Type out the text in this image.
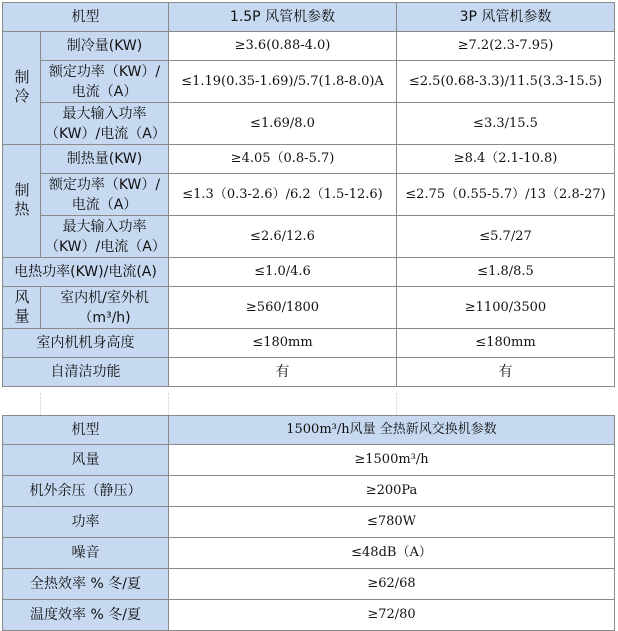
机型		1.5P 风管机参数	3P 风管机参数
制冷	制冷量(KW)	≥3.6(0.88-4.0)	≥7.2(2.3-7.95)
	额定功率（KW）/电流（A）	≤1.19(0.35-1.69)/5.7(1.8-8.0)A	≤2.5(0.68-3.3)/11.5(3.3-15.5)
	最大输入功率（KW）/电流（A）	≤1.69/8.0	≤3.3/15.5
制热	制热量(KW)	≥4.05（0.8-5.7)	≥8.4（2.1-10.8)
	额定功率（KW）/电流（A）	≤1.3（0.3-2.6）/6.2（1.5-12.6)	≤2.75（0.55-5.7）/13（2.8-27)
	最大输入功率（KW）/电流（A）	≤2.6/12.6	≤5.7/27
电热功率(KW)/电流(A)		≤1.0/4.6	≤1.8/8.5
风量	室内机/室外机（m³/h)	≥560/1800	≥1100/3500
室内机机身高度		≤180mm	≤180mm
自清洁功能		有	有
机型	1500m³/h风量 全热新风交换机参数
风量	≥1500m³/h
机外余压（静压）	≥200Pa
功率	≤780W
噪音	≤48dB（A）
全热效率 % 冬/夏	≥62/68
温度效率 % 冬/夏	≥72/80
